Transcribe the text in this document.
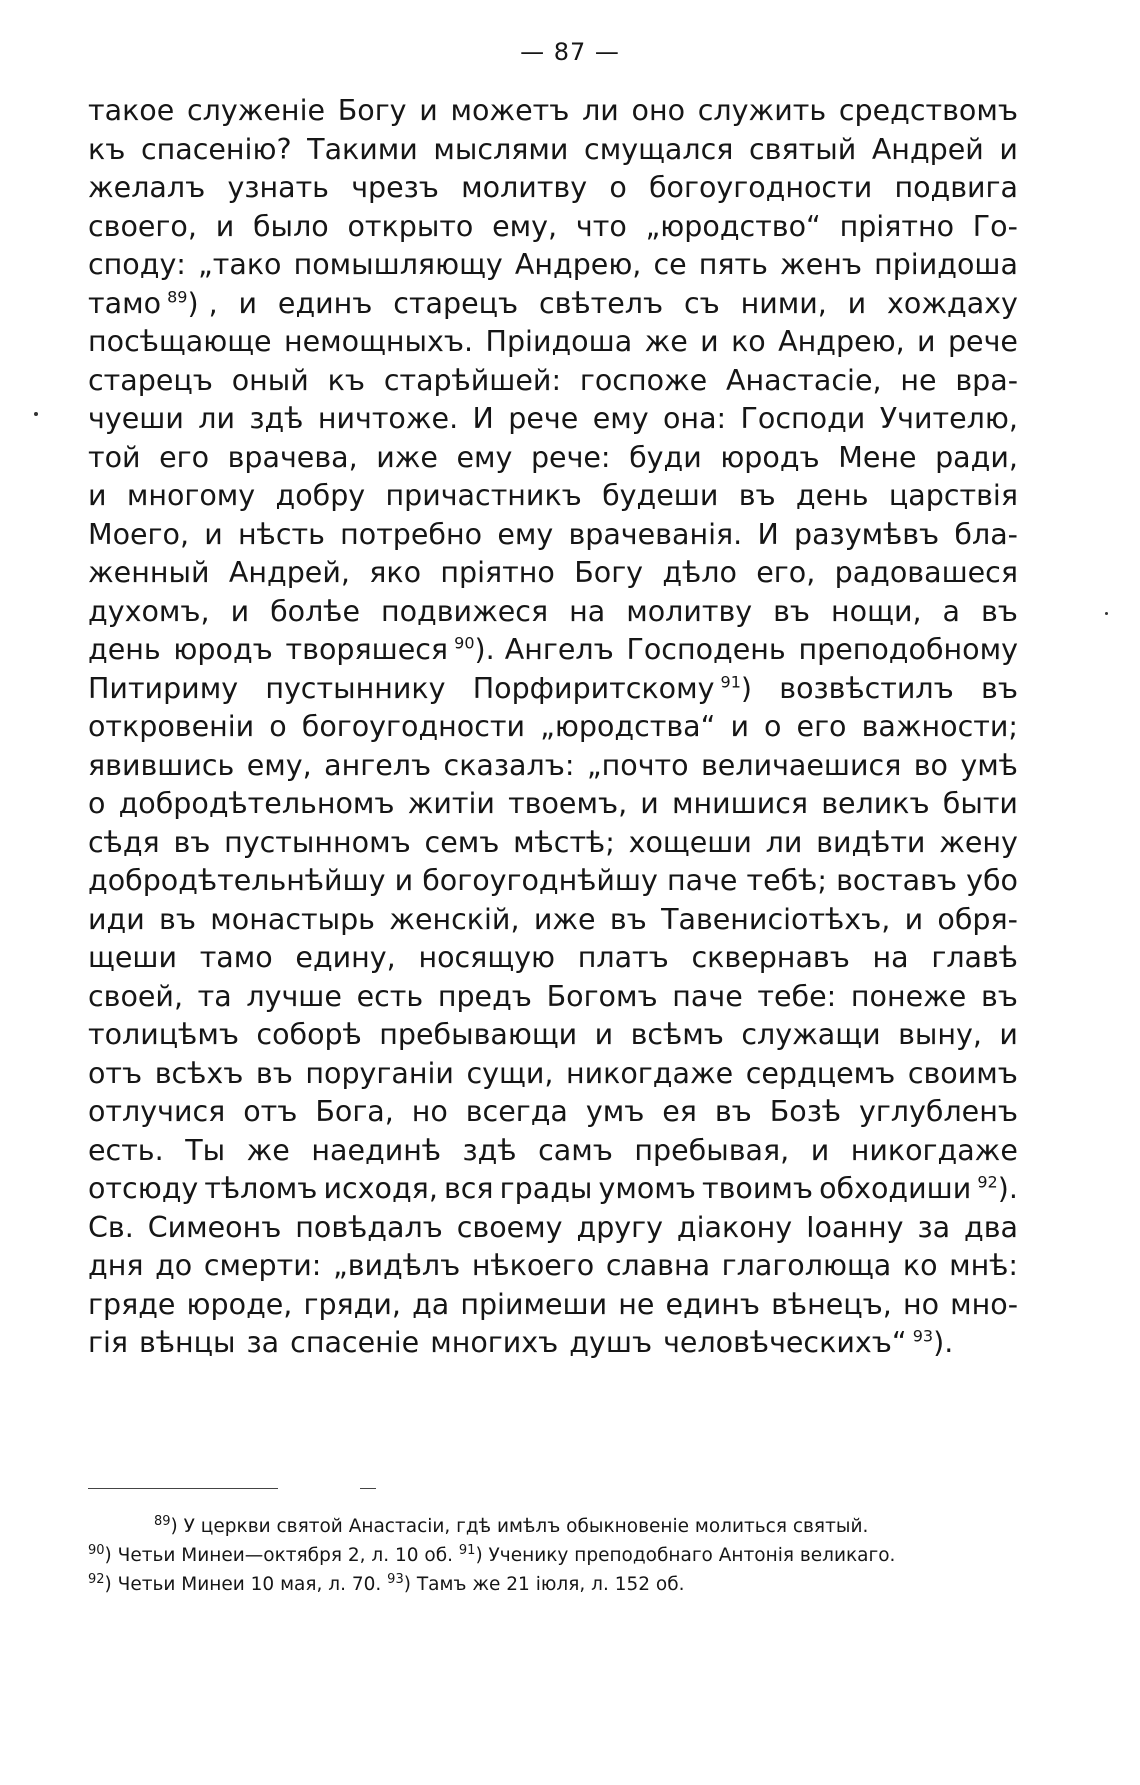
— 87 —
такое служеніе Богу и можетъ ли оно служить средствомъ
къ спасенію? Такими мыслями смущался святый Андрей и
желалъ узнать чрезъ молитву о богоугодности подвига
своего, и было открыто ему, что „юродство“ пріятно Го-
споду: „тако помышляющу Андрею, се пять женъ пріидоша
тамо $^{89}$) , и единъ старецъ свѣтелъ съ ними, и хождаху
посѣщающе немощныхъ. Пріидоша же и ко Андрею, и рече
старецъ оный къ старѣйшей: госпоже Анастасіе, не вра-
чуеши ли здѣ ничтоже. И рече ему она: Господи Учителю,
той его врачева, иже ему рече: буди юродъ Мене ради,
и многому добру причастникъ будеши въ день царствія
Моего, и нѣсть потребно ему врачеванія. И разумѣвъ бла-
женный Андрей, яко пріятно Богу дѣло его, радовашеся
духомъ, и болѣе подвижеся на молитву въ нощи, а въ
день юродъ творяшеся $^{90}$). Ангелъ Господень преподобному
Питириму пустыннику Порфиритскому $^{91}$) возвѣстилъ въ
откровеніи о богоугодности „юродства“ и о его важности;
явившись ему, ангелъ сказалъ: „почто величаешися во умѣ
о добродѣтельномъ житіи твоемъ, и мнишися великъ быти
сѣдя въ пустынномъ семъ мѣстѣ; хощеши ли видѣти жену
добродѣтельнѣйшу и богоугоднѣйшу паче тебѣ; воставъ убо
иди въ монастырь женскій, иже въ Тавенисіотѣхъ, и обря-
щеши тамо едину, носящую платъ сквернавъ на главѣ
своей, та лучше есть предъ Богомъ паче тебе: понеже въ
толицѣмъ соборѣ пребывающи и всѣмъ служащи выну, и
отъ всѣхъ въ поруганіи сущи, никогдаже сердцемъ своимъ
отлучися отъ Бога, но всегда умъ ея въ Бозѣ углубленъ
есть. Ты же наединѣ здѣ самъ пребывая, и никогдаже
отсюду тѣломъ исходя, вся грады умомъ твоимъ обходиши $^{92}$).
Св. Симеонъ повѣдалъ своему другу діакону Іоанну за два
дня до смерти: „видѣлъ нѣкоего славна глаголюща ко мнѣ:
гряде юроде, гряди, да пріимеши не единъ вѣнецъ, но мно-
гія вѣнцы за спасеніе многихъ душъ человѣческихъ“ $^{93}$).
$^{89}$) У церкви святой Анастасіи, гдѣ имѣлъ обыкновеніе молиться святый.
$^{90}$) Четьи Минеи—октября 2, л. 10 об. $^{91}$) Ученику преподобнаго Антонія великаго.
$^{92}$) Четьи Минеи 10 мая, л. 70. $^{93}$) Тамъ же 21 іюля, л. 152 об.
